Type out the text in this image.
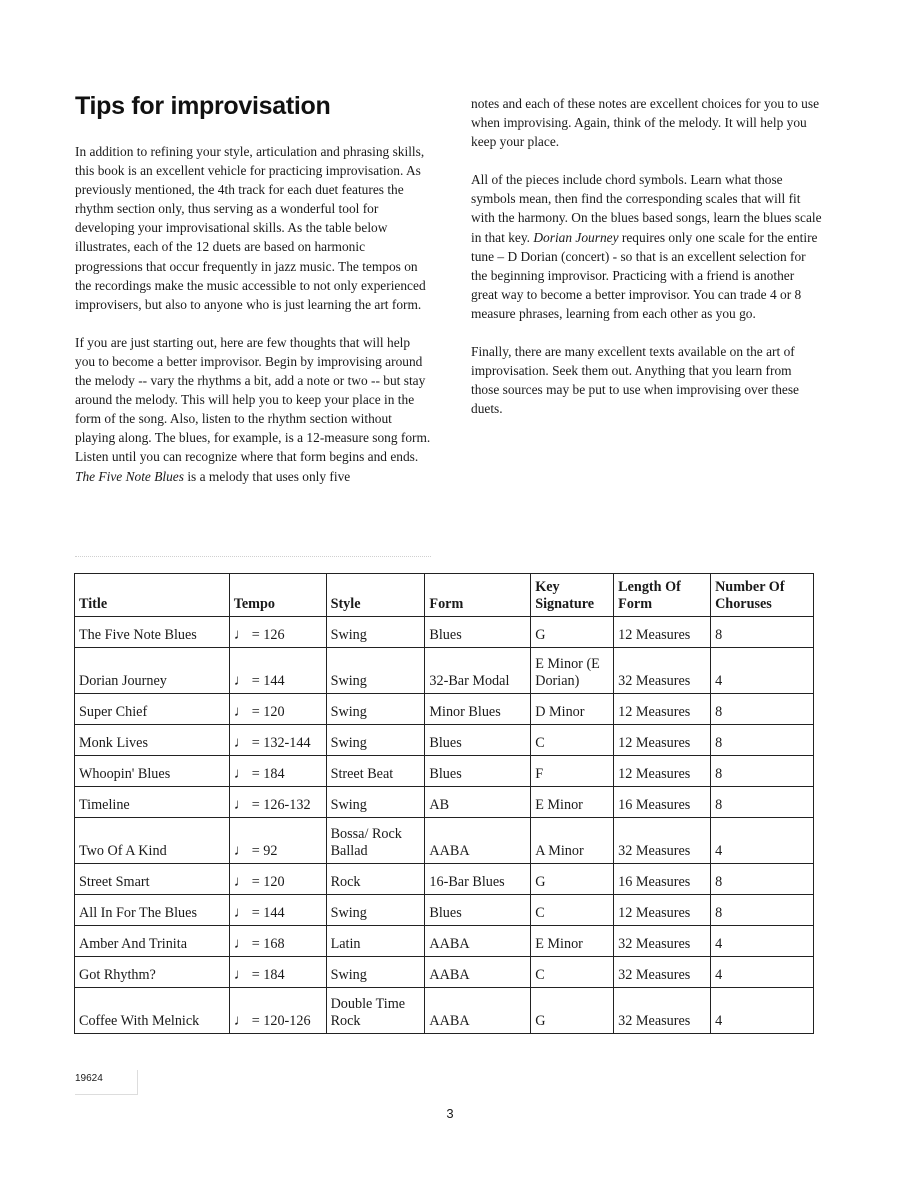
Tips for improvisation

In addition to refining your style, articulation and phrasing skills, this book is an excellent vehicle for practicing improvisation. As previously mentioned, the 4th track for each duet features the rhythm section only, thus serving as a wonderful tool for developing your improvisational skills. As the table below illustrates, each of the 12 duets are based on harmonic progressions that occur frequently in jazz music. The tempos on the recordings make the music accessible to not only experienced improvisers, but also to anyone who is just learning the art form.

If you are just starting out, here are few thoughts that will help you to become a better improvisor. Begin by improvising around the melody -- vary the rhythms a bit, add a note or two -- but stay around the melody. This will help you to keep your place in the form of the song. Also, listen to the rhythm section without playing along. The blues, for example, is a 12-measure song form. Listen until you can recognize where that form begins and ends. The Five Note Blues is a melody that uses only five

notes and each of these notes are excellent choices for you to use when improvising. Again, think of the melody. It will help you keep your place.

All of the pieces include chord symbols. Learn what those symbols mean, then find the corresponding scales that will fit with the harmony. On the blues based songs, learn the blues scale in that key. Dorian Journey requires only one scale for the entire tune – D Dorian (concert) - so that is an excellent selection for the beginning improvisor. Practicing with a friend is another great way to become a better improvisor. You can trade 4 or 8 measure phrases, learning from each other as you go.

Finally, there are many excellent texts available on the art of improvisation. Seek them out. Anything that you learn from those sources may be put to use when improvising over these duets.

Title	Tempo	Style	Form	Key Signature	Length Of Form	Number Of Choruses
The Five Note Blues	♩ = 126	Swing	Blues	G	12 Measures	8
Dorian Journey	♩ = 144	Swing	32-Bar Modal	E Minor (E Dorian)	32 Measures	4
Super Chief	♩ = 120	Swing	Minor Blues	D Minor	12 Measures	8
Monk Lives	♩ = 132-144	Swing	Blues	C	12 Measures	8
Whoopin' Blues	♩ = 184	Street Beat	Blues	F	12 Measures	8
Timeline	♩ = 126-132	Swing	AB	E Minor	16 Measures	8
Two Of A Kind	♩ = 92	Bossa/ Rock Ballad	AABA	A Minor	32 Measures	4
Street Smart	♩ = 120	Rock	16-Bar Blues	G	16 Measures	8
All In For The Blues	♩ = 144	Swing	Blues	C	12 Measures	8
Amber And Trinita	♩ = 168	Latin	AABA	E Minor	32 Measures	4
Got Rhythm?	♩ = 184	Swing	AABA	C	32 Measures	4
Coffee With Melnick	♩ = 120-126	Double Time Rock	AABA	G	32 Measures	4
19624
3
